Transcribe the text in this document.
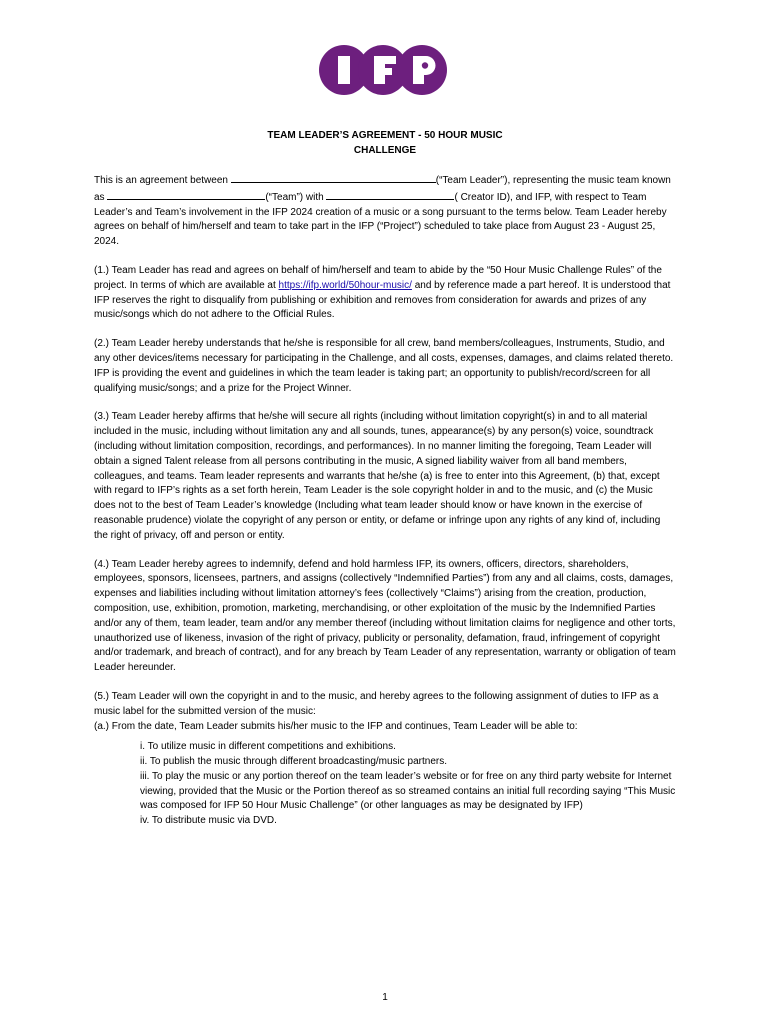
TEAM LEADER’S AGREEMENT - 50 HOUR MUSIC
CHALLENGE

This is an agreement between	(“Team Leader”), representing the music team known as	(“Team”) with	( Creator ID), and IFP, with respect to Team Leader’s and Team’s involvement in the IFP 2024 creation of a music or a song pursuant to the terms below. Team Leader hereby agrees on behalf of him/herself and team to take part in the IFP (“Project”) scheduled to take place from August 23 - August 25, 2024.

(1.) Team Leader has read and agrees on behalf of him/herself and team to abide by the “50 Hour Music Challenge Rules” of the project. In terms of which are available at https://ifp.world/50hour-music/ and by reference made a part hereof. It is understood that IFP reserves the right to disqualify from publishing or exhibition and removes from consideration for awards and prizes of any music/songs which do not adhere to the Official Rules.

(2.) Team Leader hereby understands that he/she is responsible for all crew, band members/colleagues, Instruments, Studio, and any other devices/items necessary for participating in the Challenge, and all costs, expenses, damages, and claims related thereto. IFP is providing the event and guidelines in which the team leader is taking part; an opportunity to publish/record/screen for all qualifying music/songs; and a prize for the Project Winner.

(3.) Team Leader hereby affirms that he/she will secure all rights (including without limitation copyright(s) in and to all material included in the music, including without limitation any and all sounds, tunes, appearance(s) by any person(s) voice, soundtrack (including without limitation composition, recordings, and performances). In no manner limiting the foregoing, Team Leader will obtain a signed Talent release from all persons contributing in the music, A signed liability waiver from all band members, colleagues, and teams. Team leader represents and warrants that he/she (a) is free to enter into this Agreement, (b) that, except with regard to IFP’s rights as a set forth herein, Team Leader is the sole copyright holder in and to the music, and (c) the Music does not to the best of Team Leader’s knowledge (Including what team leader should know or have known in the exercise of reasonable prudence) violate the copyright of any person or entity, or defame or infringe upon any rights of any kind of, including the right of privacy, off and person or entity.

(4.) Team Leader hereby agrees to indemnify, defend and hold harmless IFP, its owners, officers, directors, shareholders, employees, sponsors, licensees, partners, and assigns (collectively “Indemnified Parties”) from any and all claims, costs, damages, expenses and liabilities including without limitation attorney’s fees (collectively “Claims”) arising from the creation, production, composition, use, exhibition, promotion, marketing, merchandising, or other exploitation of the music by the Indemnified Parties and/or any of them, team leader, team and/or any member thereof (including without limitation claims for negligence and other torts, unauthorized use of likeness, invasion of the right of privacy, publicity or personality, defamation, fraud, infringement of copyright and/or trademark, and breach of contract), and for any breach by Team Leader of any representation, warranty or obligation of team Leader hereunder.

(5.) Team Leader will own the copyright in and to the music, and hereby agrees to the following assignment of duties to IFP as a music label for the submitted version of the music:
(a.) From the date, Team Leader submits his/her music to the IFP and continues, Team Leader will be able to:
i. To utilize music in different competitions and exhibitions.
ii. To publish the music through different broadcasting/music partners.
iii. To play the music or any portion thereof on the team leader’s website or for free on any third party website for Internet viewing, provided that the Music or the Portion thereof as so streamed contains an initial full recording saying “This Music was composed for IFP 50 Hour Music Challenge” (or other languages as may be designated by IFP)
iv. To distribute music via DVD.
1
